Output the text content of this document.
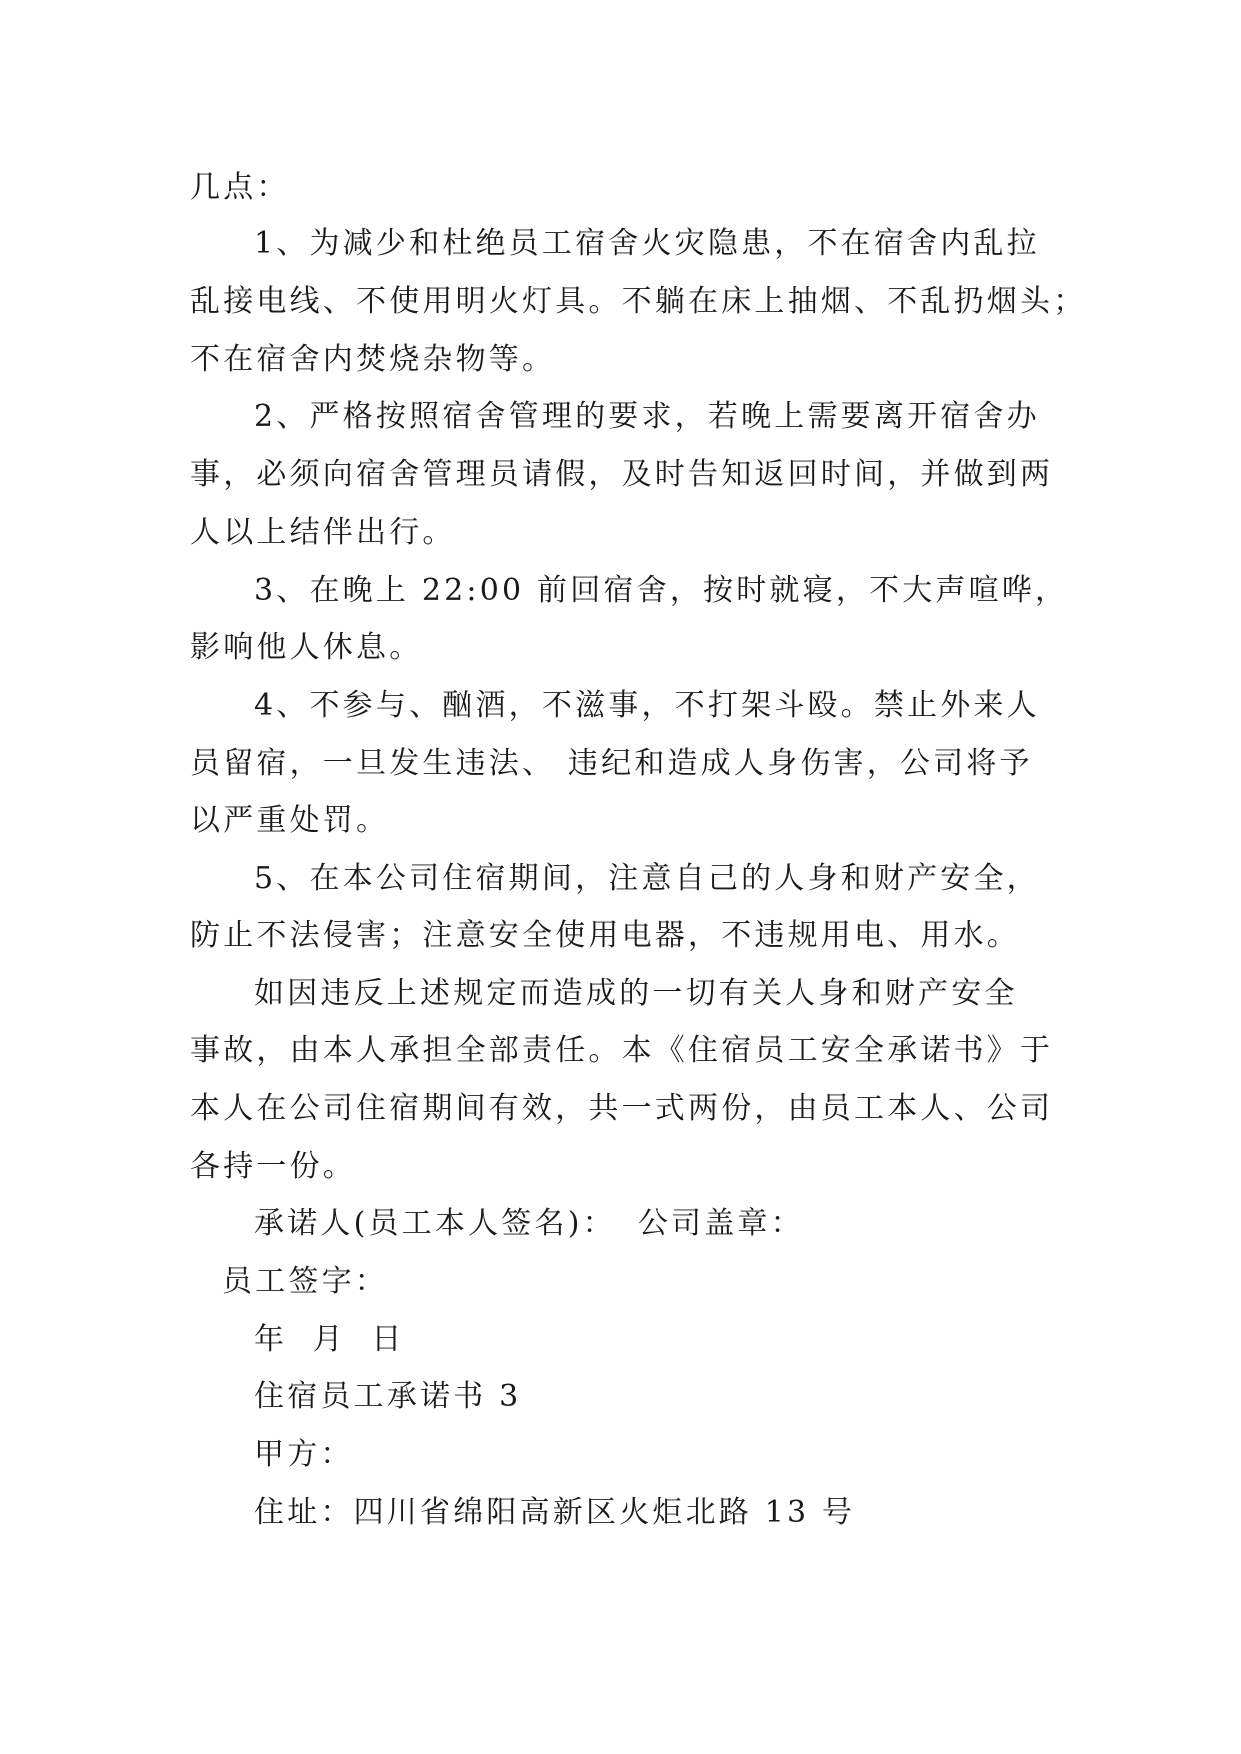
几点：
1、为减少和杜绝员工宿舍火灾隐患，不在宿舍内乱拉
乱接电线、不使用明火灯具。不躺在床上抽烟、不乱扔烟头；
不在宿舍内焚烧杂物等。
2、严格按照宿舍管理的要求，若晚上需要离开宿舍办
事，必须向宿舍管理员请假，及时告知返回时间，并做到两
人以上结伴出行。
3、在晚上 22:00 前回宿舍，按时就寝，不大声喧哗，
影响他人休息。
4、不参与、酗酒，不滋事，不打架斗殴。禁止外来人
员留宿，一旦发生违法、 违纪和造成人身伤害，公司将予
以严重处罚。
5、在本公司住宿期间，注意自己的人身和财产安全，
防止不法侵害；注意安全使用电器，不违规用电、用水。
如因违反上述规定而造成的一切有关人身和财产安全
事故，由本人承担全部责任。本《住宿员工安全承诺书》于
本人在公司住宿期间有效，共一式两份，由员工本人、公司
各持一份。
承诺人(员工本人签名)： 公司盖章：
员工签字：
年  月  日
住宿员工承诺书 3
甲方：
住址：四川省绵阳高新区火炬北路 13 号
